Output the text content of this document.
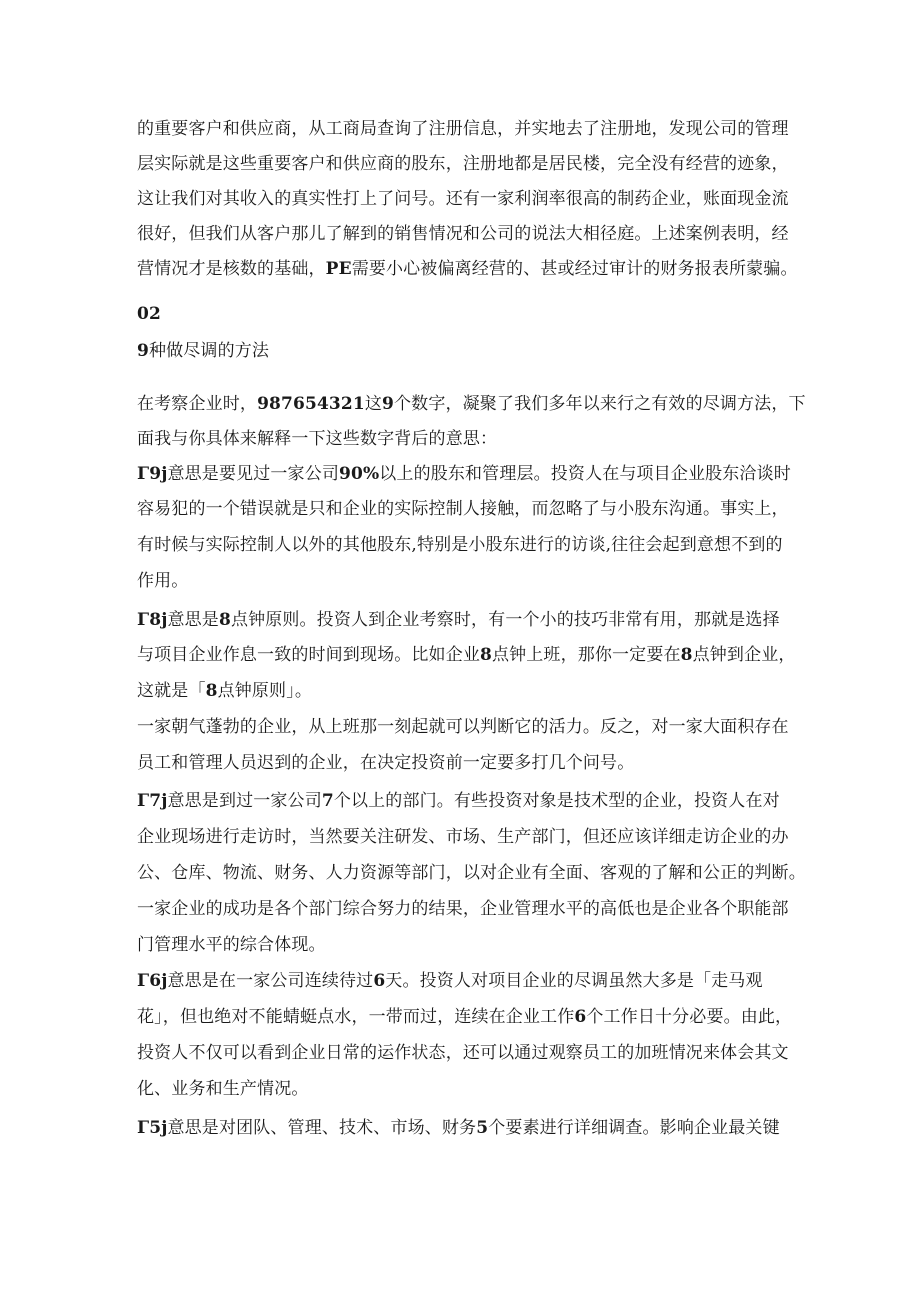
的重要客户和供应商，从工商局查询了注册信息，并实地去了注册地，发现公司的管理
层实际就是这些重要客户和供应商的股东，注册地都是居民楼，完全没有经营的迹象，
这让我们对其收入的真实性打上了问号。还有一家利润率很高的制药企业，账面现金流
很好，但我们从客户那儿了解到的销售情况和公司的说法大相径庭。上述案例表明，经
营情况才是核数的基础，PE需要小心被偏离经营的、甚或经过审计的财务报表所蒙骗。
02
9种做尽调的方法
在考察企业时，987654321这9个数字，凝聚了我们多年以来行之有效的尽调方法，下
面我与你具体来解释一下这些数字背后的意思：
Γ9j意思是要见过一家公司90%以上的股东和管理层。投资人在与项目企业股东洽谈时
容易犯的一个错误就是只和企业的实际控制人接触，而忽略了与小股东沟通。事实上，
有时候与实际控制人以外的其他股东,特别是小股东进行的访谈,往往会起到意想不到的
作用。
Γ8j意思是8点钟原则。投资人到企业考察时，有一个小的技巧非常有用，那就是选择
与项目企业作息一致的时间到现场。比如企业8点钟上班，那你一定要在8点钟到企业，
这就是「8点钟原则」。
一家朝气蓬勃的企业，从上班那一刻起就可以判断它的活力。反之，对一家大面积存在
员工和管理人员迟到的企业，在决定投资前一定要多打几个问号。
Γ7j意思是到过一家公司7个以上的部门。有些投资对象是技术型的企业，投资人在对
企业现场进行走访时，当然要关注研发、市场、生产部门，但还应该详细走访企业的办
公、仓库、物流、财务、人力资源等部门，以对企业有全面、客观的了解和公正的判断。
一家企业的成功是各个部门综合努力的结果，企业管理水平的高低也是企业各个职能部
门管理水平的综合体现。
Γ6j意思是在一家公司连续待过6天。投资人对项目企业的尽调虽然大多是「走马观
花」，但也绝对不能蜻蜓点水，一带而过，连续在企业工作6个工作日十分必要。由此，
投资人不仅可以看到企业日常的运作状态，还可以通过观察员工的加班情况来体会其文
化、业务和生产情况。
Γ5j意思是对团队、管理、技术、市场、财务5个要素进行详细调查。影响企业最关键
